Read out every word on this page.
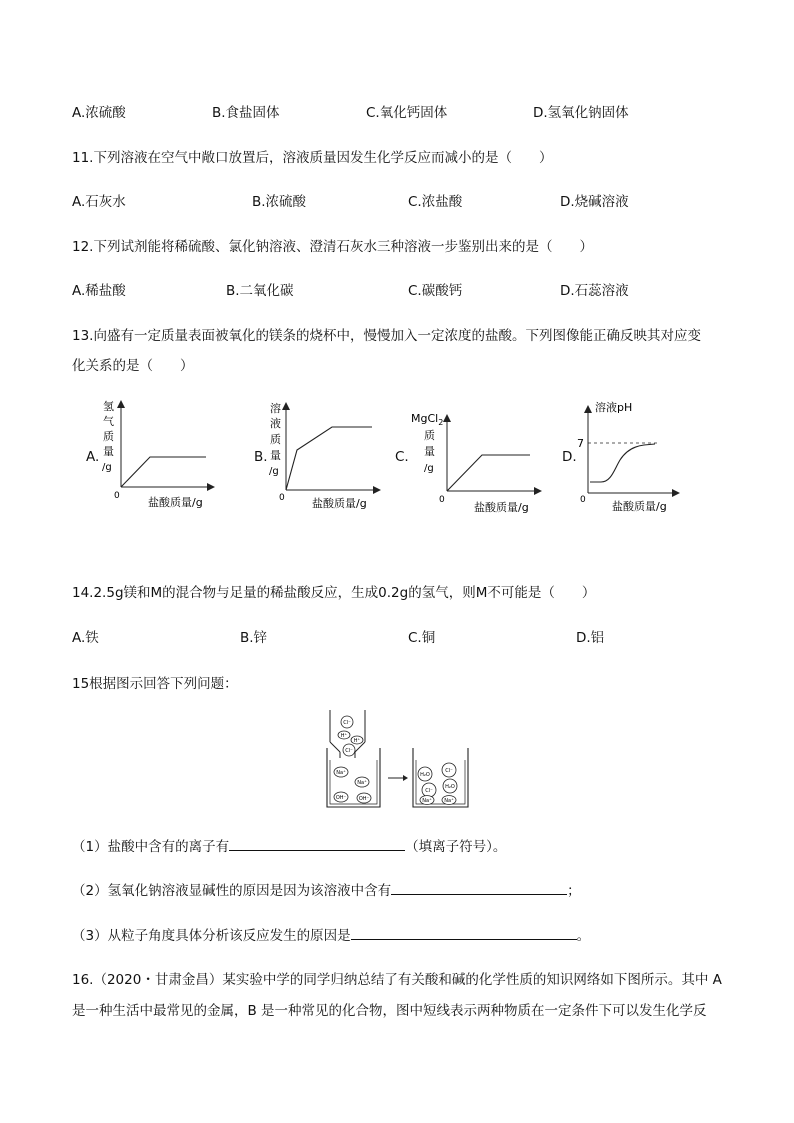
A.浓硫酸	B.食盐固体	C.氧化钙固体	D.氢氧化钠固体
11.下列溶液在空气中敞口放置后，溶液质量因发生化学反应而减小的是（　　）
A.石灰水	B.浓硫酸	C.浓盐酸	D.烧碱溶液
12.下列试剂能将稀硫酸、氯化钠溶液、澄清石灰水三种溶液一步鉴别出来的是（　　）
A.稀盐酸	B.二氧化碳	C.碳酸钙	D.石蕊溶液
13.向盛有一定质量表面被氧化的镁条的烧杯中，慢慢加入一定浓度的盐酸。下列图像能正确反映其对应变
化关系的是（　　）
A.	B.	C.	D.
氢
气
质
量
/g
0	盐酸质量/g
溶
液
质
量
/g
0 盐酸质量/g
MgCl$_2$
质
量
/g
0
盐酸质量/g
溶液pH
7
0 盐酸质量/g
14.2.5g镁和M的混合物与足量的稀盐酸反应，生成0.2g的氢气，则M不可能是（　　）
A.铁	B.锌	C.铜	D.铝
15根据图示回答下列问题：
Cl⁻
H⁺
H⁺
Cl⁻
Na⁺
Na⁺
OH⁻	OH⁻
H₂O
Cl⁻
Cl⁻
H₂O
Na⁺	Na⁺
（1）盐酸中含有的离子有	（填离子符号）。
（2）氢氧化钠溶液显碱性的原因是因为该溶液中含有	；
（3）从粒子角度具体分析该反应发生的原因是	。
16.（2020・甘肃金昌）某实验中学的同学归纳总结了有关酸和碱的化学性质的知识网络如下图所示。其中 A
是一种生活中最常见的金属，B 是一种常见的化合物，图中短线表示两种物质在一定条件下可以发生化学反
